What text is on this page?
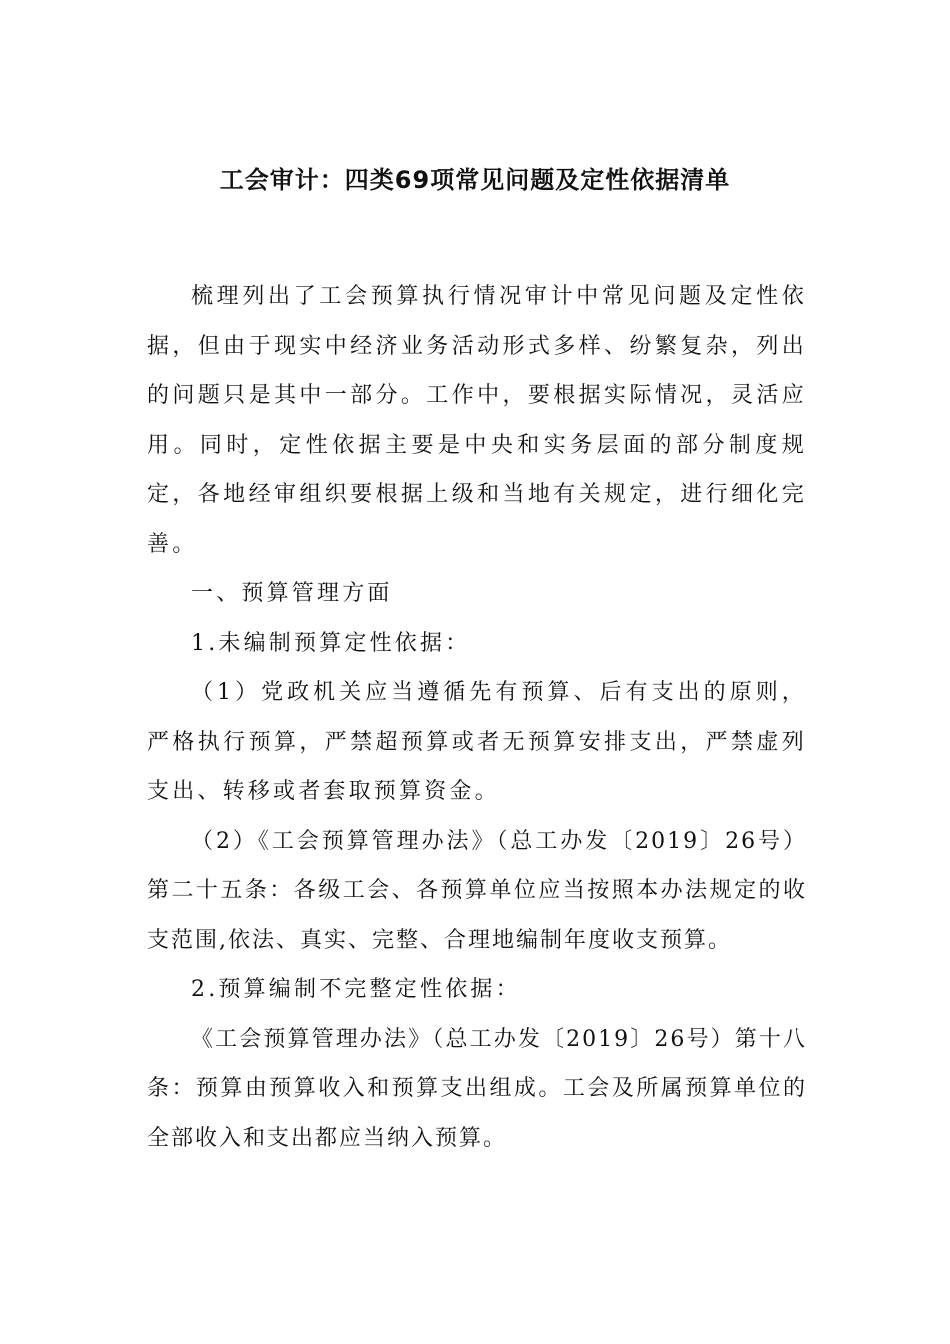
工会审计：四类69项常见问题及定性依据清单

梳理列出了工会预算执行情况审计中常见问题及定性依据，但由于现实中经济业务活动形式多样、纷繁复杂，列出的问题只是其中一部分。工作中，要根据实际情况，灵活应用。同时，定性依据主要是中央和实务层面的部分制度规定，各地经审组织要根据上级和当地有关规定，进行细化完善。

一、预算管理方面

1.未编制预算定性依据：

（1）党政机关应当遵循先有预算、后有支出的原则，严格执行预算，严禁超预算或者无预算安排支出，严禁虚列支出、转移或者套取预算资金。

（2）《工会预算管理办法》（总工办发〔2019〕26号）第二十五条：各级工会、各预算单位应当按照本办法规定的收支范围,依法、真实、完整、合理地编制年度收支预算。

2.预算编制不完整定性依据：

《工会预算管理办法》（总工办发〔2019〕26号）第十八条：预算由预算收入和预算支出组成。工会及所属预算单位的全部收入和支出都应当纳入预算。
